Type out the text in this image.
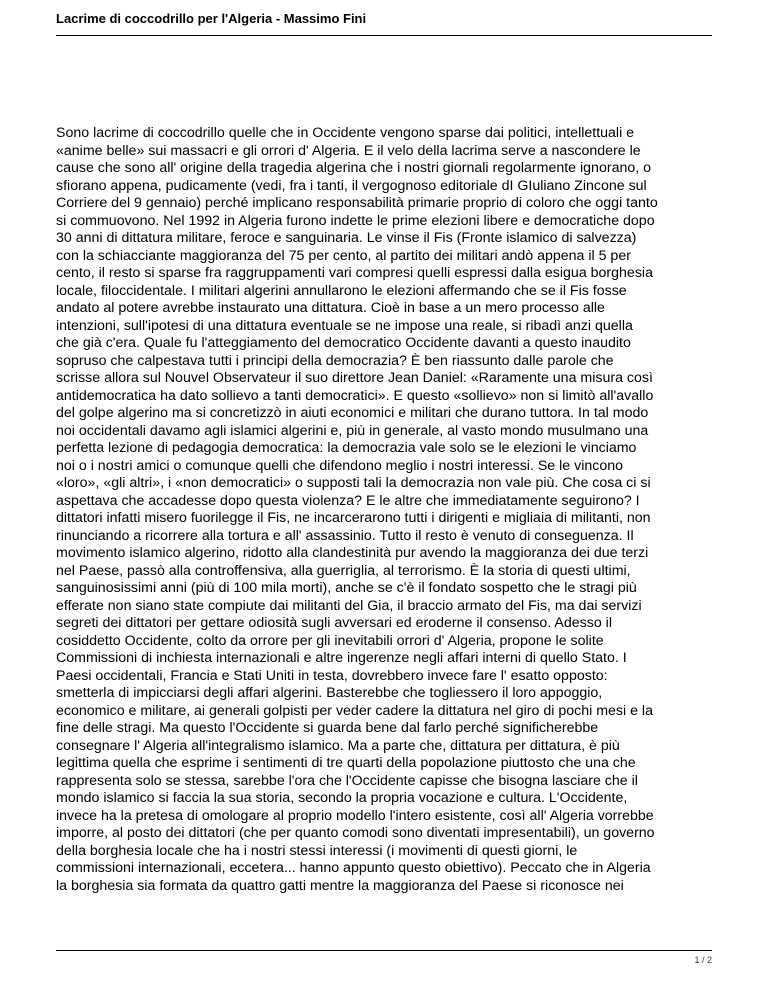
Lacrime di coccodrillo per l'Algeria - Massimo Fini
Sono lacrime di coccodrillo quelle che in Occidente vengono sparse dai politici, intellettuali e
«anime belle» sui massacri e gli orrori d' Algeria. E il velo della lacrima serve a nascondere le
cause che sono all' origine della tragedia algerina che i nostri giornali regolarmente ignorano, o
sfiorano appena, pudicamente (vedi, fra i tanti, il vergognoso editoriale dI GIuliano Zincone sul
Corriere del 9 gennaio) perché implicano responsabilità primarie proprio di coloro che oggi tanto
si commuovono. Nel 1992 in Algeria furono indette le prime elezioni libere e democratiche dopo
30 anni di dittatura militare, feroce e sanguinaria. Le vinse il Fis (Fronte islamico di salvezza)
con la schiacciante maggioranza del 75 per cento, al partito dei militari andò appena il 5 per
cento, il resto si sparse fra raggruppamenti vari compresi quelli espressi dalla esigua borghesia
locale, filoccidentale. I militari algerini annullarono le elezioni affermando che se il Fis fosse
andato al potere avrebbe instaurato una dittatura. Cioè in base a un mero processo alle
intenzioni, sull'ipotesi di una dittatura eventuale se ne impose una reale, si ribadì anzi quella
che già c'era. Quale fu l'atteggiamento del democratico Occidente davanti a questo inaudito
sopruso che calpestava tutti i principi della democrazia? È ben riassunto dalle parole che
scrisse allora sul Nouvel Observateur il suo direttore Jean Daniel: «Raramente una misura così
antidemocratica ha dato sollievo a tanti democratici». E questo «sollievo» non si limitò all'avallo
del golpe algerino ma si concretizzò in aiuti economici e militari che durano tuttora. In tal modo
noi occidentali davamo agli islamici algerini e, più in generale, al vasto mondo musulmano una
perfetta lezione di pedagogia democratica: la democrazia vale solo se le elezioni le vinciamo
noi o i nostri amici o comunque quelli che difendono meglio i nostri interessi. Se le vincono
«loro», «gli altri», i «non democratici» o supposti tali la democrazia non vale più. Che cosa ci si
aspettava che accadesse dopo questa violenza? E le altre che immediatamente seguirono? I
dittatori infatti misero fuorilegge il Fis, ne incarcerarono tutti i dirigenti e migliaia di militanti, non
rinunciando a ricorrere alla tortura e all' assassinio. Tutto il resto è venuto di conseguenza. Il
movimento islamico algerino, ridotto alla clandestinità pur avendo la maggioranza dei due terzi
nel Paese, passò alla controffensiva, alla guerriglia, al terrorismo. È la storia di questi ultimi,
sanguinosissimi anni (più di 100 mila morti), anche se c'è il fondato sospetto che le stragi più
efferate non siano state compiute dai militanti del Gia, il braccio armato del Fis, ma dai servizi
segreti dei dittatori per gettare odiosità sugli avversari ed eroderne il consenso. Adesso il
cosiddetto Occidente, colto da orrore per gli inevitabili orrori d' Algeria, propone le solite
Commissioni di inchiesta internazionali e altre ingerenze negli affari interni di quello Stato. I
Paesi occidentali, Francia e Stati Uniti in testa, dovrebbero invece fare l' esatto opposto:
smetterla di impicciarsi degli affari algerini. Basterebbe che togliessero il loro appoggio,
economico e militare, ai generali golpisti per veder cadere la dittatura nel giro di pochi mesi e la
fine delle stragi. Ma questo l'Occidente si guarda bene dal farlo perché significherebbe
consegnare l' Algeria all'integralismo islamico. Ma a parte che, dittatura per dittatura, è più
legittima quella che esprime i sentimenti di tre quarti della popolazione piuttosto che una che
rappresenta solo se stessa, sarebbe l'ora che l'Occidente capisse che bisogna lasciare che il
mondo islamico si faccia la sua storia, secondo la propria vocazione e cultura. L'Occidente,
invece ha la pretesa di omologare al proprio modello l'intero esistente, così all' Algeria vorrebbe
imporre, al posto dei dittatori (che per quanto comodi sono diventati impresentabili), un governo
della borghesia locale che ha i nostri stessi interessi (i movimenti di questi giorni, le
commissioni internazionali, eccetera... hanno appunto questo obiettivo). Peccato che in Algeria
la borghesia sia formata da quattro gatti mentre la maggioranza del Paese si riconosce nei
1 / 2
